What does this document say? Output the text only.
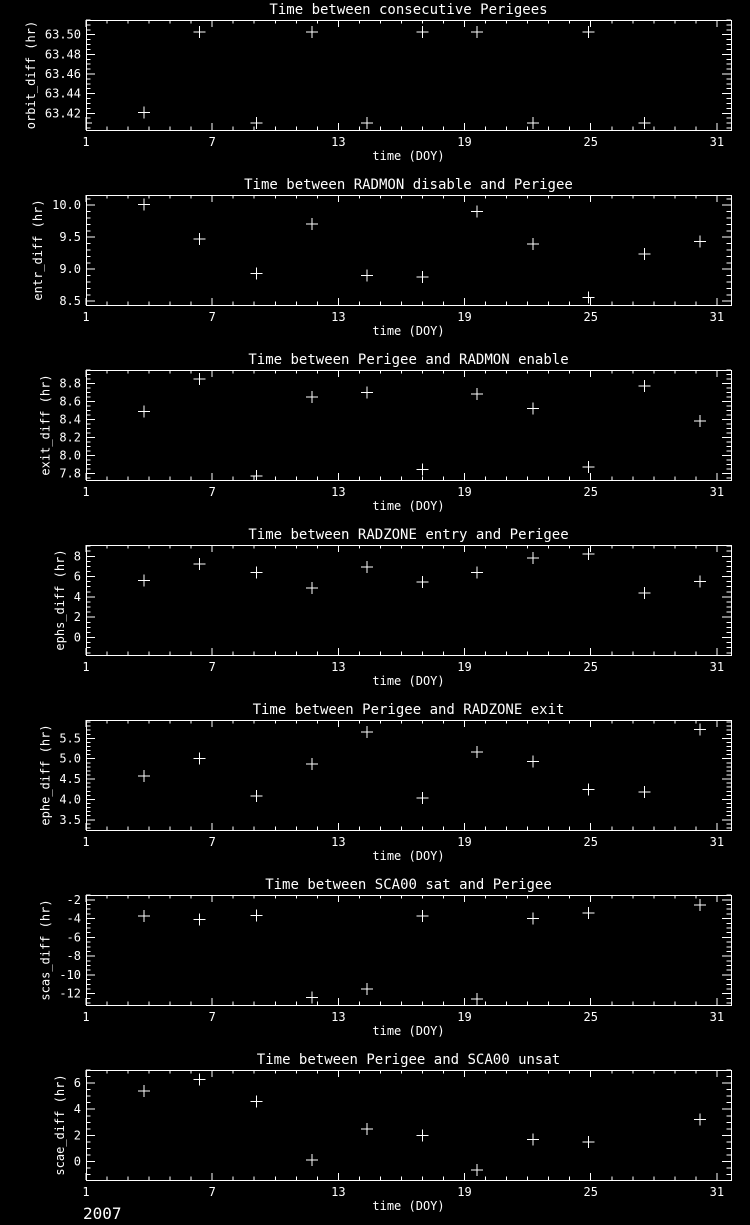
1	7	13	19	25	31
63.42
63.44
63.46
63.48
63.50
Time between consecutive Perigees
time (DOY)
orbit_diff (hr)
1	7	13	19	25	31
8.5
9.0
9.5
10.0
Time between RADMON disable and Perigee
time (DOY)
entr_diff (hr)
1	7	13	19	25	31
7.8
8.0
8.2
8.4
8.6
8.8
Time between Perigee and RADMON enable
time (DOY)
exit_diff (hr)
1	7	13	19	25	31
0
2
4
6
8
Time between RADZONE entry and Perigee
time (DOY)
ephs_diff (hr)
1	7	13	19	25	31
3.5
4.0
4.5
5.0
5.5
Time between Perigee and RADZONE exit
time (DOY)
ephe_diff (hr)
1	7	13	19	25	31
-12
-10
-8
-6
-4
-2
Time between SCA00 sat and Perigee
time (DOY)
scas_diff (hr)
1	7	13	19	25	31
0
2
4
6
Time between Perigee and SCA00 unsat
time (DOY)
scae_diff (hr)
2007
